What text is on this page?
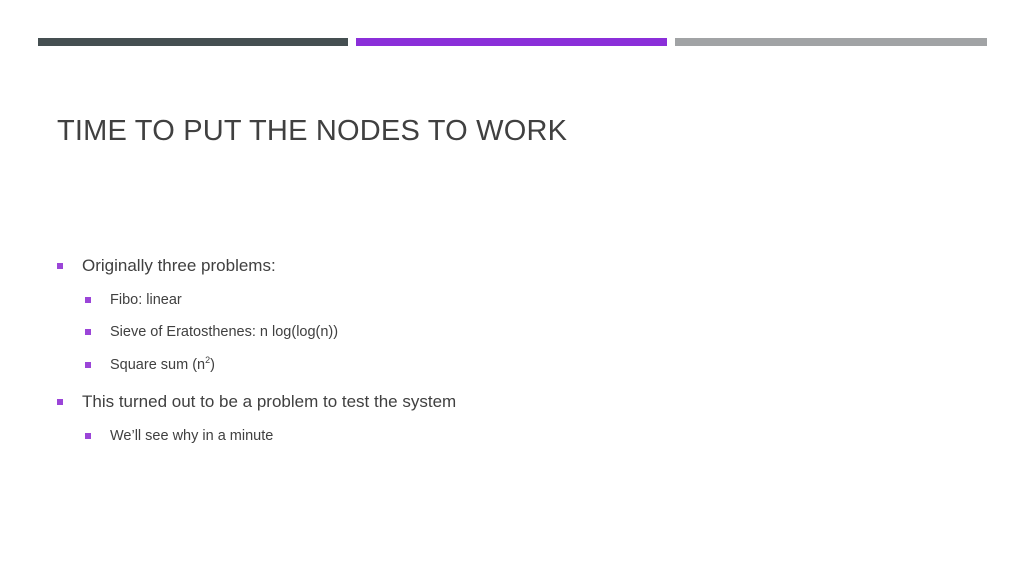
TIME TO PUT THE NODES TO WORK
Originally three problems:
Fibo: linear
Sieve of Eratosthenes: n log(log(n))
Square sum $(n^2)$
This turned out to be a problem to test the system
We’ll see why in a minute
